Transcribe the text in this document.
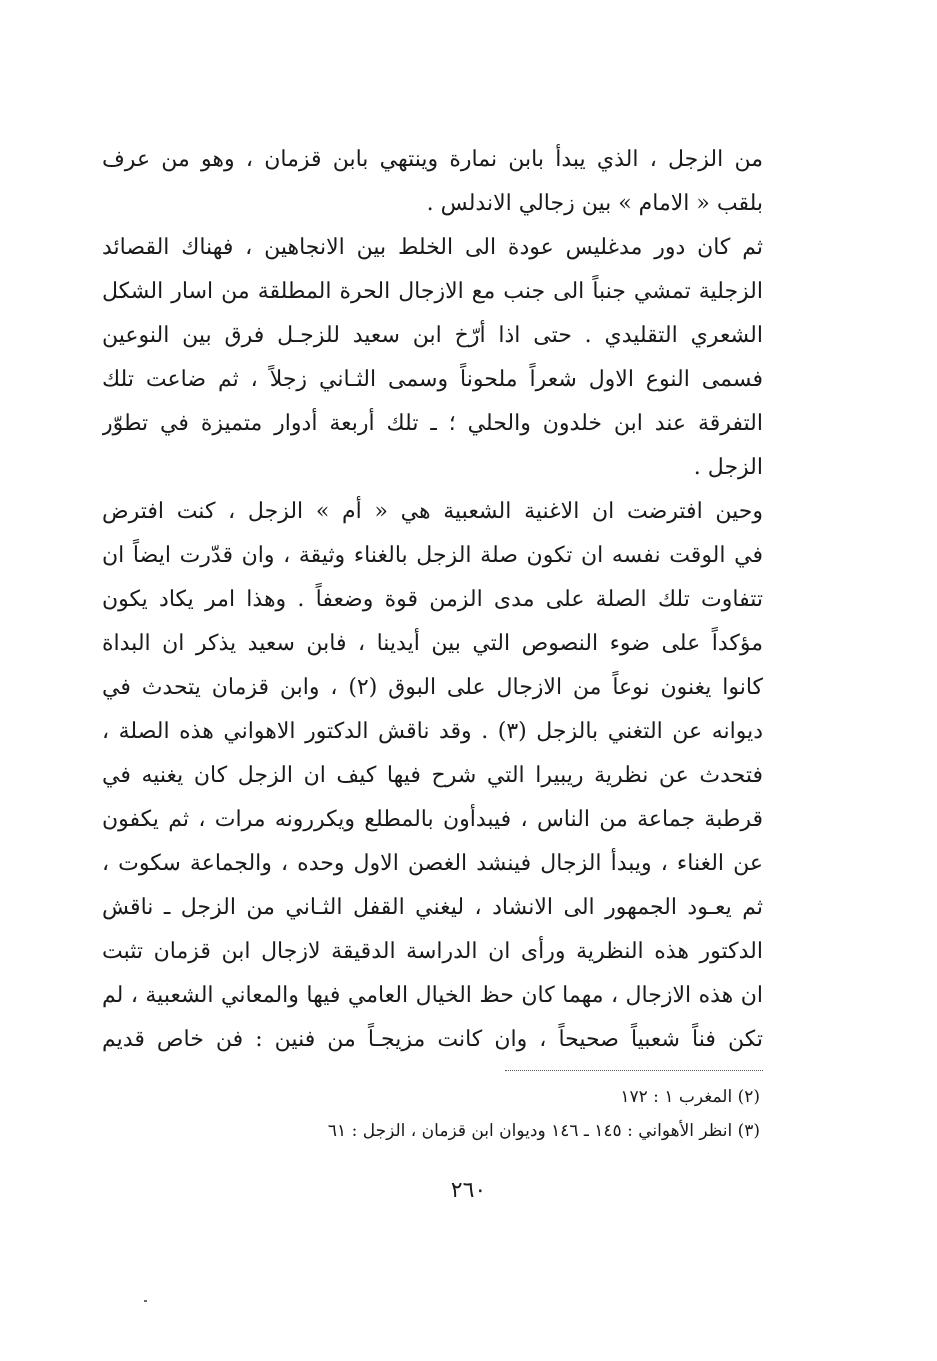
من الزجل ، الذي يبدأ بابن نمارة وينتهي بابن قزمان ، وهو من عرف
بلقب « الامام » بين زجالي الاندلس .
ثم كان دور مدغليس عودة الى الخلط بين الانجاهين ، فهناك القصائد
الزجلية تمشي جنباً الى جنب مع الازجال الحرة المطلقة من اسار الشكل
الشعري التقليدي . حتى اذا أرّخ ابن سعيد للزجـل فرق بين النوعين
فسمى النوع الاول شعراً ملحوناً وسمى الثـاني زجلاً ، ثم ضاعت تلك
التفرقة عند ابن خلدون والحلي ؛ ـ تلك أربعة أدوار متميزة في تطوّر
الزجل .
وحين افترضت ان الاغنية الشعبية هي « أم » الزجل ، كنت افترض
في الوقت نفسه ان تكون صلة الزجل بالغناء وثيقة ، وان قدّرت ايضاً ان
تتفاوت تلك الصلة على مدى الزمن قوة وضعفاً . وهذا امر يكاد يكون
مؤكداً على ضوء النصوص التي بين أيدينا ، فابن سعيد يذكر ان البداة
كانوا يغنون نوعاً من الازجال على البوق (٢) ، وابن قزمان يتحدث في
ديوانه عن التغني بالزجل (٣) . وقد ناقش الدكتور الاهواني هذه الصلة ،
فتحدث عن نظرية ريبيرا التي شرح فيها كيف ان الزجل كان يغنيه في
قرطبة جماعة من الناس ، فيبدأون بالمطلع ويكررونه مرات ، ثم يكفون
عن الغناء ، ويبدأ الزجال فينشد الغصن الاول وحده ، والجماعة سكوت ،
ثم يعـود الجمهور الى الانشاد ، ليغني القفل الثـاني من الزجل ـ ناقش
الدكتور هذه النظرية ورأى ان الدراسة الدقيقة لازجال ابن قزمان تثبت
ان هذه الازجال ، مهما كان حظ الخيال العامي فيها والمعاني الشعبية ، لم
تكن فناً شعبياً صحيحاً ، وان كانت مزيجـاً من فنين : فن خاص قديم
(٢) المغرب ١ : ١٧٢
(٣) انظر الأهواني : ١٤٥ ـ ١٤٦ وديوان ابن قزمان ، الزجل : ٦١
٢٦٠
